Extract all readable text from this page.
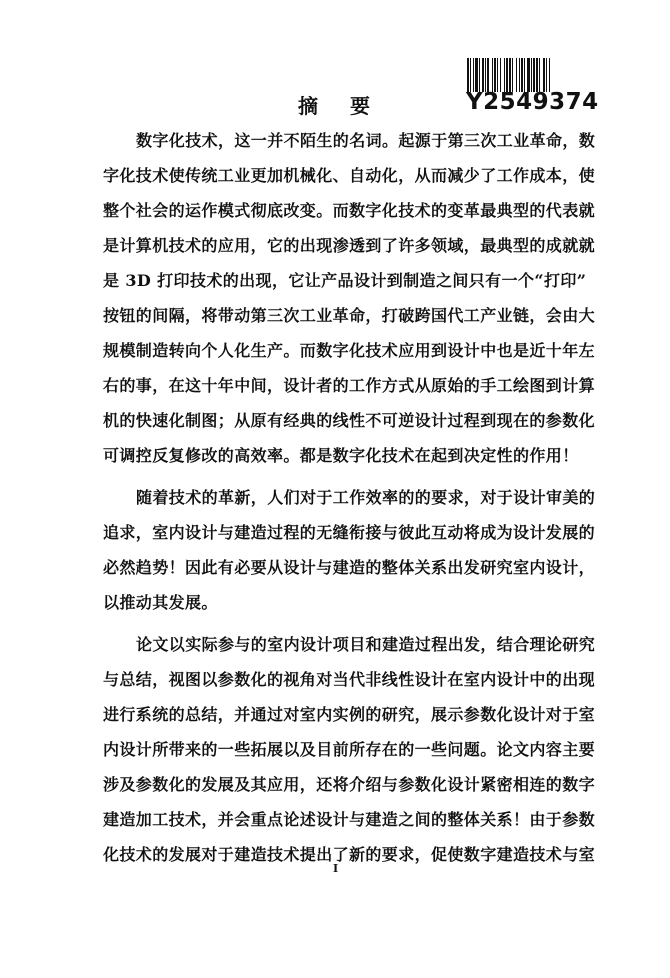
摘要	Y2549374
数字化技术，这一并不陌生的名词。起源于第三次工业革命，数
字化技术使传统工业更加机械化、自动化，从而减少了工作成本，使
整个社会的运作模式彻底改变。而数字化技术的变革最典型的代表就
是计算机技术的应用，它的出现渗透到了许多领域，最典型的成就就
是 3D 打印技术的出现，它让产品设计到制造之间只有一个“打印”
按钮的间隔，将带动第三次工业革命，打破跨国代工产业链，会由大
规模制造转向个人化生产。而数字化技术应用到设计中也是近十年左
右的事，在这十年中间，设计者的工作方式从原始的手工绘图到计算
机的快速化制图；从原有经典的线性不可逆设计过程到现在的参数化
可调控反复修改的高效率。都是数字化技术在起到决定性的作用！
随着技术的革新，人们对于工作效率的的要求，对于设计审美的
追求，室内设计与建造过程的无缝衔接与彼此互动将成为设计发展的
必然趋势！因此有必要从设计与建造的整体关系出发研究室内设计，
以推动其发展。
论文以实际参与的室内设计项目和建造过程出发，结合理论研究
与总结，视图以参数化的视角对当代非线性设计在室内设计中的出现
进行系统的总结，并通过对室内实例的研究，展示参数化设计对于室
内设计所带来的一些拓展以及目前所存在的一些问题。论文内容主要
涉及参数化的发展及其应用，还将介绍与参数化设计紧密相连的数字
建造加工技术，并会重点论述设计与建造之间的整体关系！由于参数
化技术的发展对于建造技术提出了新的要求，促使数字建造技术与室
I
